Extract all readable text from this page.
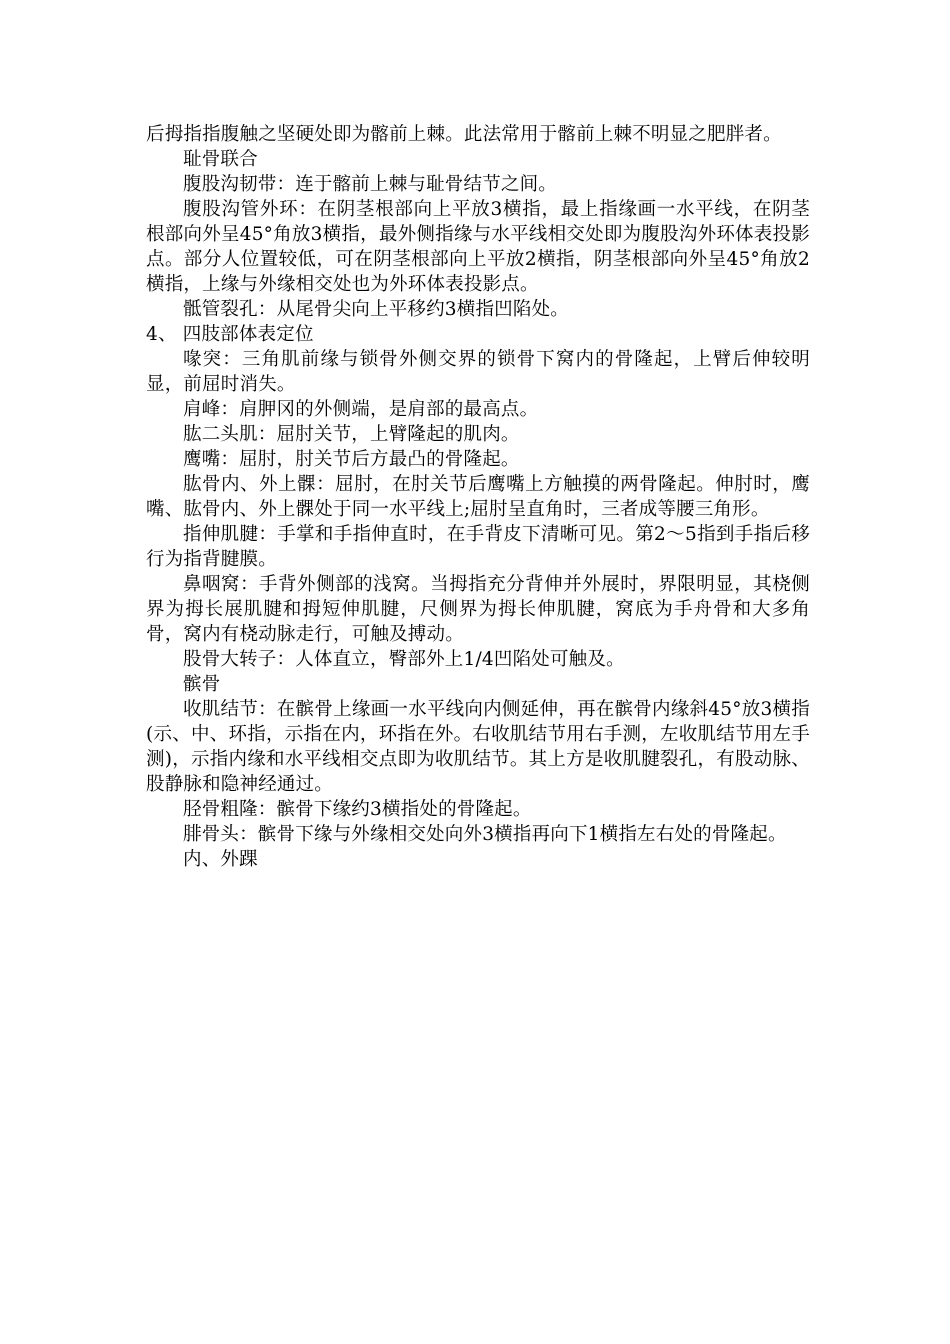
后拇指指腹触之坚硬处即为髂前上棘。此法常用于髂前上棘不明显之肥胖者。

耻骨联合

腹股沟韧带：连于髂前上棘与耻骨结节之间。

腹股沟管外环：在阴茎根部向上平放3横指，最上指缘画一水平线，在阴茎根部向外呈45°角放3横指，最外侧指缘与水平线相交处即为腹股沟外环体表投影点。部分人位置较低，可在阴茎根部向上平放2横指，阴茎根部向外呈45°角放2横指，上缘与外缘相交处也为外环体表投影点。

骶管裂孔：从尾骨尖向上平移约3横指凹陷处。

4、 四肢部体表定位

喙突：三角肌前缘与锁骨外侧交界的锁骨下窝内的骨隆起，上臂后伸较明显，前屈时消失。

肩峰：肩胛冈的外侧端，是肩部的最高点。

肱二头肌：屈肘关节，上臂隆起的肌肉。

鹰嘴：屈肘，肘关节后方最凸的骨隆起。

肱骨内、外上髁：屈肘，在肘关节后鹰嘴上方触摸的两骨隆起。伸肘时，鹰嘴、肱骨内、外上髁处于同一水平线上;屈肘呈直角时，三者成等腰三角形。

指伸肌腱：手掌和手指伸直时，在手背皮下清晰可见。第2～5指到手指后移行为指背腱膜。

鼻咽窝：手背外侧部的浅窝。当拇指充分背伸并外展时，界限明显，其桡侧界为拇长展肌腱和拇短伸肌腱，尺侧界为拇长伸肌腱，窝底为手舟骨和大多角骨，窝内有桡动脉走行，可触及搏动。

股骨大转子：人体直立，臀部外上1/4凹陷处可触及。

髌骨

收肌结节：在髌骨上缘画一水平线向内侧延伸，再在髌骨内缘斜45°放3横指(示、中、环指，示指在内，环指在外。右收肌结节用右手测，左收肌结节用左手测)，示指内缘和水平线相交点即为收肌结节。其上方是收肌腱裂孔，有股动脉、股静脉和隐神经通过。

胫骨粗隆：髌骨下缘约3横指处的骨隆起。

腓骨头：髌骨下缘与外缘相交处向外3横指再向下1横指左右处的骨隆起。

内、外踝
